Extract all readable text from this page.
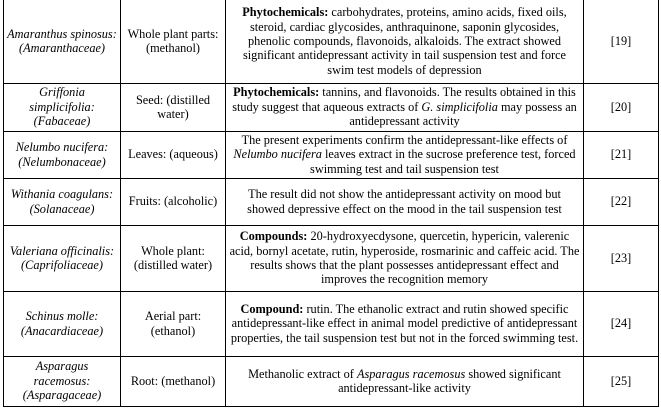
Amaranthus spinosus:
(Amaranthaceae)	Whole plant parts: (methanol)	Phytochemicals: carbohydrates, proteins, amino acids, fixed oils, steroid, cardiac glycosides, anthraquinone, saponin glycosides, phenolic compounds, flavonoids, alkaloids. The extract showed significant antidepressant activity in tail suspension test and force swim test models of depression	[19]
Griffonia simplicifolia:
(Fabaceae)	Seed: (distilled water)	Phytochemicals: tannins, and flavonoids. The results obtained in this study suggest that aqueous extracts of G. simplicifolia may possess an antidepressant activity	[20]
Nelumbo nucifera:
(Nelumbonaceae)	Leaves: (aqueous)	The present experiments confirm the antidepressant-like effects of Nelumbo nucifera leaves extract in the sucrose preference test, forced swimming test and tail suspension test	[21]
Withania coagulans:
(Solanaceae)	Fruits: (alcoholic)	The result did not show the antidepressant activity on mood but showed depressive effect on the mood in the tail suspension test	[22]
Valeriana officinalis:
(Caprifoliaceae)	Whole plant: (distilled water)	Compounds: 20-hydroxyecdysone, quercetin, hypericin, valerenic acid, bornyl acetate, rutin, hyperoside, rosmarinic and caffeic acid. The results shows that the plant possesses antidepressant effect and improves the recognition memory	[23]
Schinus molle:
(Anacardiaceae)	Aerial part: (ethanol)	Compound: rutin. The ethanolic extract and rutin showed specific antidepressant-like effect in animal model predictive of antidepressant properties, the tail suspension test but not in the forced swimming test.	[24]
Asparagus racemosus:
(Asparagaceae)	Root: (methanol)	Methanolic extract of Asparagus racemosus showed significant antidepressant-like activity	[25]
